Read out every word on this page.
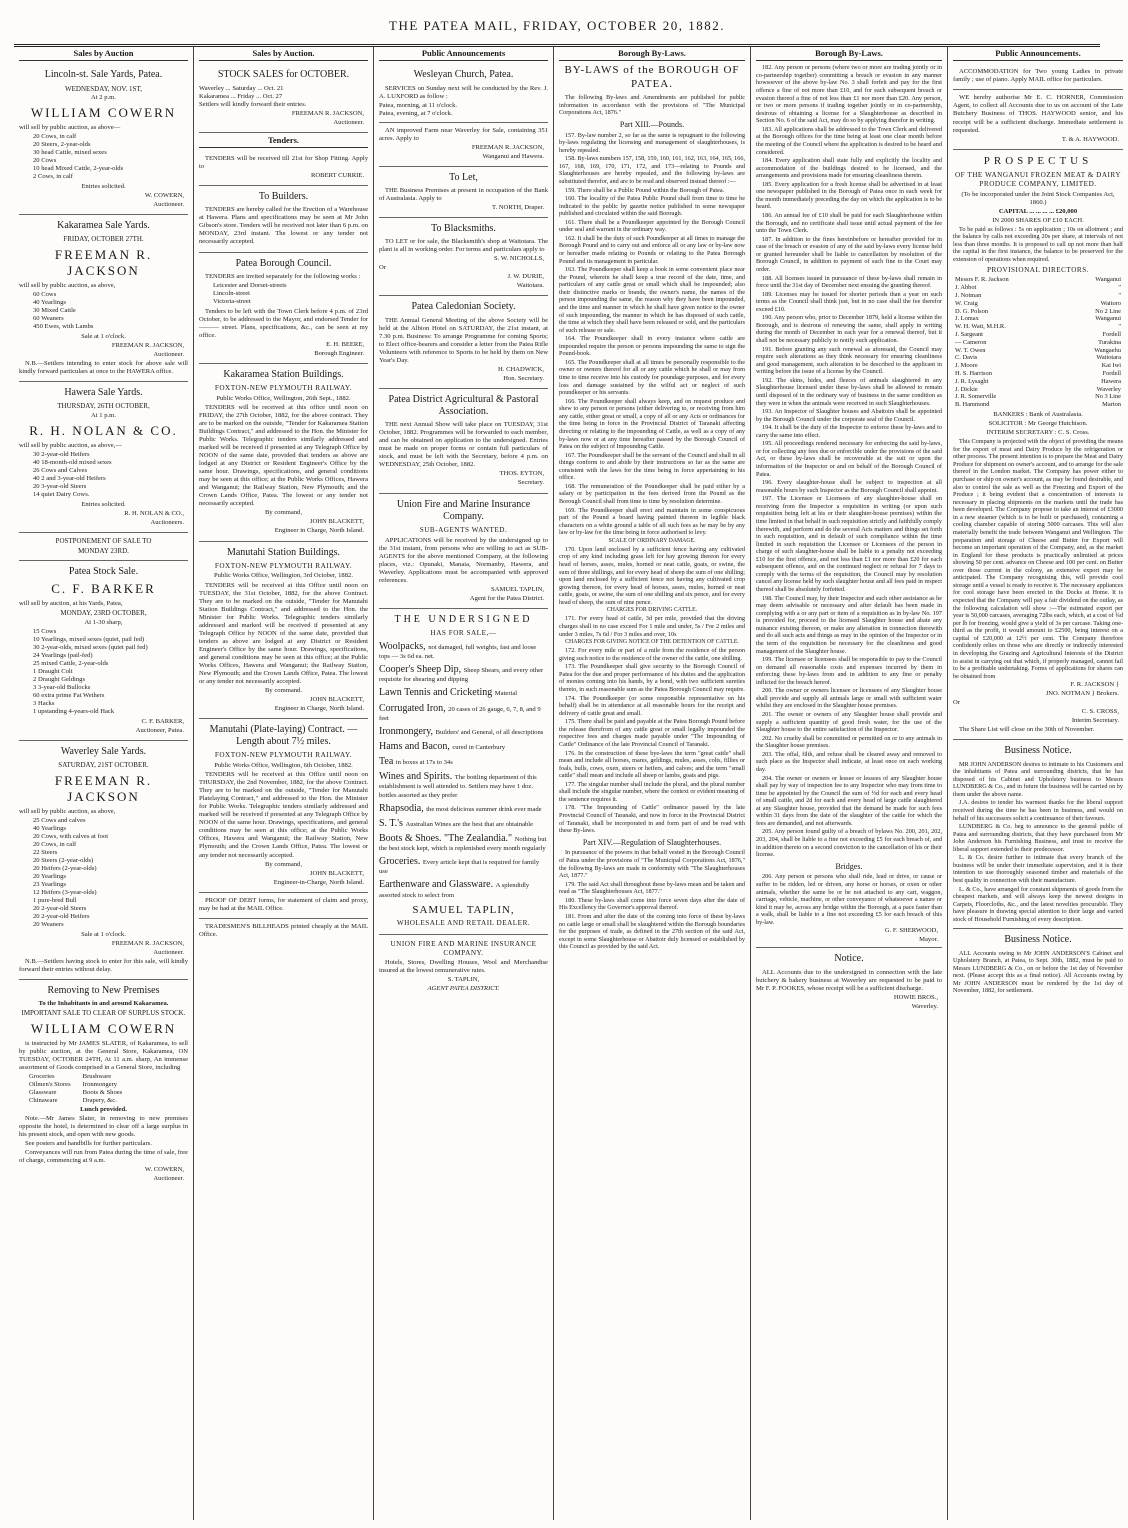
THE PATEA MAIL, FRIDAY, OCTOBER 20, 1882.
Sales by Auction
Lincoln-st. Sale Yards, Patea.
WEDNESDAY, NOV. 1ST,
At 2 p.m.
WILLIAM COWERN
will sell by public auction, as above—
20 Cows, in calf
20 Steers, 2-year-olds
30 head Cattle, mixed sexes
20 Cows
10 head Mixed Cattle, 2-year-olds
2 Cows, in calf
Entries solicited.
W. COWERN,
Auctioneer.
Kakaramea Sale Yards.
FRIDAY, OCTOBER 27TH.
FREEMAN R. JACKSON
will sell by public auction, as above,
60 Cows
40 Yearlings
30 Mixed Cattle
60 Weaners
450 Ewes, with Lambs
Sale at 1 o'clock.
FREEMAN R. JACKSON,
Auctioneer.

N.B.—Settlers intending to enter stock for above sale will kindly forward particulars at once to the HAWERA office.

Hawera Sale Yards.
THURSDAY, 26TH OCTOBER,
At 1 p.m.
R. H. NOLAN & CO.
will sell by public auction, as above,—
30 2-year-old Heifers
40 18-month-old mixed sexes
26 Cows and Calves
40 2 and 3-year-old Heifers
20 3-year-old Steers
14 quiet Dairy Cows.
Entries solicited.
R. H. NOLAN & CO.,
Auctioneers.
POSTPONEMENT OF SALE TO
MONDAY 23RD.
Patea Stock Sale.
C. F. BARKER
will sell by auction, at his Yards, Patea,
MONDAY, 23RD OCTOBER,
At 1-30 sharp,
15 Cows
10 Yearlings, mixed sexes (quiet, pail fed)
30 2-year-olds, mixed sexes (quiet pail fed)
24 Yearlings (pail-fed)
25 mixed Cattle, 2-year-olds
1 Draught Colt
2 Draught Geldings
3 3-year-old Bullocks
60 extra prime Fat Wethers
3 Hacks
1 upstanding 4-years-old Hack
C. F. BARKER,
Auctioneer, Patea.
Waverley Sale Yards.
SATURDAY, 21ST OCTOBER.
FREEMAN R. JACKSON
will sell by public auction, as above,
25 Cows and calves
40 Yearlings
20 Cows, with calves at foot
20 Cows, in calf
22 Steers
20 Steers (2-year-olds)
20 Heifers (2-year-olds)
20 Yearlings
23 Yearlings
12 Heifers (3-year-olds)
1 pure-bred Bull
20 2-year-old Steers
20 2-year-old Heifers
20 Weaners
Sale at 1 o'clock.
FREEMAN R. JACKSON,
Auctioneer.

N.B.—Settlers having stock to enter for this sale, will kindly forward their entries without delay.

Removing to New Premises
To the Inhabitants in and around Kakaramea.
IMPORTANT SALE TO CLEAR OF SURPLUS STOCK.
WILLIAM COWERN

is instructed by Mr JAMES SLATER, of Kakaramea, to sell by public auction, at the General Store, Kakaramea, ON TUESDAY, OCTOBER 24TH, At 11 a.m. sharp, An immense assortment of Goods comprised in a General Store, including

Groceries
Oilmen's Stores
Glassware
Chinaware
Brushware
Ironmongery
Boots & Shoes
Drapery, &c.
Lunch provided.

Note.—Mr James Slater, in removing to new premises opposite the hotel, is determined to clear off a large surplus in his present stock, and open with new goods.

See posters and handbills for further particulars.

Conveyances will run from Patea during the time of sale, free of charge, commencing at 9 a.m.

W. COWERN,
Auctioneer.
Sales by Auction.
STOCK SALES for OCTOBER.
Waverley ... Saturday ... Oct. 21
Kakaramea ... Friday ... Oct. 27
Settlers will kindly forward their entries.
FREEMAN R. JACKSON,
Auctioneer.
Tenders.

TENDERS will be received till 21st for Shop Fitting. Apply to

ROBERT CURRIE.
To Builders.

TENDERS are hereby called for the Erection of a Warehouse at Hawera. Plans and specifications may be seen at Mr John Gibson's store. Tenders will be received not later than 6 p.m. on MONDAY, 23rd instant. The lowest or any tender not necessarily accepted.

Patea Borough Council.

TENDERS are invited separately for the following works :

Leicester and Dorset-streets
Lincoln-street
Victoria-street

Tenders to be left with the Town Clerk before 4 p.m. of 23rd October, to be addressed to the Mayor, and endorsed Tender for ——— street. Plans, specifications, &c., can be seen at my office.

E. H. BEERE,
Borough Engineer.
Kakaramea Station Buildings.
FOXTON-NEW PLYMOUTH RAILWAY.
Public Works Office, Wellington, 26th Sept., 1882.

TENDERS will be received at this office until noon on FRIDAY, the 27th October, 1882, for the above contract. They are to be marked on the outside, "Tender for Kakaramea Station Buildings Contract," and addressed to the Hon. the Minister for Public Works. Telegraphic tenders similarly addressed and marked will be received if presented at any Telegraph Office by NOON of the same date, provided that tenders as above are lodged at any District or Resident Engineer's Office by the same hour. Drawings, specifications, and general conditions may be seen at this office; at the Public Works Offices, Hawera and Wanganui; the Railway Station, New Plymouth; and the Crown Lands Office, Patea. The lowest or any tender not necessarily accepted.

By command,
JOHN BLACKETT,
Engineer in Charge, North Island.
Manutahi Station Buildings.
FOXTON-NEW PLYMOUTH RAILWAY.
Public Works Office, Wellington, 3rd October, 1882.

TENDERS will be received at this Office until noon on TUESDAY, the 31st October, 1882, for the above Contract. They are to be marked on the outside, "Tender for Manutahi Station Buildings Contract," and addressed to the Hon. the Minister for Public Works. Telegraphic tenders similarly addressed and marked will be received if presented at any Telegraph Office by NOON of the same date, provided that tenders as above are lodged at any District or Resident Engineer's Office by the same hour. Drawings, specifications, and general conditions may be seen at this office; at the Public Works Offices, Hawera and Wanganui; the Railway Station, New Plymouth; and the Crown Lands Office, Patea. The lowest or any tender not necessarily accepted.

By command.
JOHN BLACKETT,
Engineer in Charge, North Island.
Manutahi (Plate-laying) Contract. — Length about 7½ miles.
FOXTON-NEW PLYMOUTH RAILWAY.
Public Works Office, Wellington, 6th October, 1882.

TENDERS will be received at this Office until noon on THURSDAY, the 2nd November, 1882, for the above Contract. They are to be marked on the outside, "Tender for Manutahi Platelaying Contract," and addressed to the Hon. the Minister for Public Works. Telegraphic tenders similarly addressed and marked will be received if presented at any Telegraph Office by NOON of the same hour. Drawings, specifications, and general conditions may be seen at this office; at the Public Works Offices, Hawera and Wanganui; the Railway Station, New Plymouth; and the Crown Lands Office, Patea. The lowest or any tender not necessarily accepted.

By command,
JOHN BLACKETT,
Engineer-in-Charge, North Island.

PROOF OF DEBT forms, for statement of claim and proxy, may be had at the MAIL Office.

TRADESMEN'S BILLHEADS printed cheaply at the MAIL Office.

Public Announcements
Wesleyan Church, Patea.

SERVICES on Sunday next will be conducted by the Rev. J. A. LUXFORD as follow :

Patea, morning, at 11 o'clock.
Patea, evening, at 7 o'clock.

AN improved Farm near Waverley for Sale, containing 351 acres. Apply to

FREEMAN R. JACKSON,
Wanganui and Hawera.
To Let,

THE Business Premises at present in occupation of the Bank of Australasia. Apply to

T. NORTH, Draper.
To Blacksmiths.

TO LET or for sale, the Blacksmith's shop at Waitotara. The plant is all in working order. For terms and particulars apply to

S. W. NICHOLLS,
Or
J. W. DURIE,
Waitotara.
Patea Caledonian Society.

THE Annual General Meeting of the above Society will be held at the Albion Hotel on SATURDAY, the 21st instant, at 7.30 p.m. Business: To arrange Programme for coming Sports; to Elect office-bearers and consider a letter from the Patea Rifle Volunteers with reference to Sports to be held by them on New Year's Day.

H. CHADWICK,
Hon. Secretary.
Patea District Agricultural & Pastoral Association.

THE next Annual Show will take place on TUESDAY, 31st October, 1882. Programmes will be forwarded to each member, and can be obtained on application to the undersigned. Entries must be made on proper forms or contain full particulars of stock, and must be left with the Secretary, before 4 p.m. on WEDNESDAY, 25th October, 1882.

THOS. EYTON,
Secretary.
Union Fire and Marine Insurance Company.
SUB-AGENTS WANTED.

APPLICATIONS will be received by the undersigned up to the 31st instant, from persons who are willing to act as SUB-AGENTS for the above mentioned Company, at the following places, viz.: Opunaki, Manaia, Normanby, Hawera, and Waverley. Applications must be accompanied with approved references.

SAMUEL TAPLIN,
Agent for the Patea District.
THE UNDERSIGNED
HAS FOR SALE,—
Woolpacks, not damaged, full weights, fast and loose tops — 3s 6d ea. net.
Cooper's Sheep Dip, Sheep Shears, and every other requisite for shearing and dipping
Lawn Tennis and Cricketing Material
Corrugated Iron, 20 cases of 26 gauge, 6, 7, 8, and 9 feet
Ironmongery, Builders' and General, of all descriptions
Hams and Bacon, cured in Canterbury
Tea in boxes at 17s to 34s
Wines and Spirits. The bottling department of this establishment is well attended to. Settlers may have 1 doz. bottles assorted as they prefer
Rhapsodia, the most delicious summer drink ever made
S. T.'s Australian Wines are the best that are obtainable
Boots & Shoes. "The Zealandia." Nothing but the best stock kept, which is replenished every month regularly
Groceries. Every article kept that is required for family use
Earthenware and Glassware. A splendidly assorted stock to select from
SAMUEL TAPLIN,
WHOLESALE AND RETAIL DEALER.
UNION FIRE AND MARINE INSURANCE COMPANY.

Hotels, Stores, Dwelling Houses, Wool and Merchandise insured at the lowest remunerative rates.

S. TAPLIN,
AGENT PATEA DISTRICT.
Borough By-Laws.
BY-LAWS of the BOROUGH OF PATEA.

The following By-laws and Amendments are published for public information in accordance with the provisions of "The Municipal Corporations Act, 1876."

Part XIII.—Pounds.

157. By-law number 2, so far as the same is repugnant to the following by-laws regulating the licensing and management of slaughterhouses, is hereby repealed.

158. By-laws numbers 157, 158, 159, 160, 161, 162, 163, 164, 165, 166, 167, 168, 169, 170, 171, 172, and 173—relating to Pounds and Slaughterhouses are hereby repealed, and the following by-laws are substituted therefor, and are to be read and observed instead thereof :—

159. There shall be a Public Pound within the Borough of Patea.

160. The locality of the Patea Public Pound shall from time to time be indicated to the public by gazette notice published in some newspaper published and circulated within the said Borough.

161. There shall be a Poundkeeper appointed by the Borough Council under seal and warrant in the ordinary way.

162. It shall be the duty of such Poundkeeper at all times to manage the Borough Pound and to carry out and enforce all or any law or by-law now or hereafter made relating to Pounds or relating to the Patea Borough Pound and its management in particular.

163. The Poundkeeper shall keep a book in some convenient place near the Pound, wherein he shall keep a true record of the date, time, and particulars of any cattle great or small which shall be impounded; also their distinctive marks or brands, the owner's name, the names of the person impounding the same, the reason why they have been impounded, and the time and manner in which he shall have given notice to the owner of such impounding, the manner in which he has disposed of such cattle, the time at which they shall have been released or sold, and the particulars of such release or sale.

164. The Poundkeeper shall in every instance where cattle are impounded require the person or persons impounding the same to sign the Pound-book.

165. The Poundkeeper shall at all times be personally responsible to the owner or owners thereof for all or any cattle which he shall or may from time to time receive into his custody for poundage purposes, and for every loss and damage sustained by the wilful act or neglect of such poundkeeper or his servants.

166. The Poundkeeper shall always keep, and on request produce and shew to any person or persons (either delivering to, or receiving from him any cattle, either great or small, a copy of all or any Acts or ordinances for the time being in force in the Provincial District of Taranaki affecting directing or relating to the impounding of Cattle, as well as a copy of any by-laws now or at any time hereafter passed by the Borough Council of Patea on the subject of Impounding Cattle.

167. The Poundkeeper shall be the servant of the Council and shall in all things conform to and abide by their instructions so far as the same are consistent with the laws for the time being in force appertaining to his office.

168. The remuneration of the Poundkeeper shall be paid either by a salary or by participation in the fees derived from the Pound as the Borough Council shall from time to time by resolution determine.

169. The Poundkeeper shall erect and maintain in some conspicuous part of the Pound a board having painted thereon in legible black characters on a white ground a table of all such fees as he may be by any law or by-law for the time being in force authorised to levy.

SCALE OF ORDINARY DAMAGE.

170. Upon land enclosed by a sufficient fence having any cultivated crop of any kind including grass left for hay growing thereon for every head of horses, asses, mules, horned or neat cattle, goats, or swine, the sum of three shillings, and for every head of sheep the sum of one shilling; upon land enclosed by a sufficient fence not having any cultivated crop growing thereon, for every head of horses, asses, mules, horned or neat cattle, goats, or swine, the sum of one shilling and six pence, and for every head of sheep, the sum of nine pence.

CHARGES FOR DRIVING CATTLE.

171. For every head of cattle, 3d per mile, provided that the driving charges shall in no case exceed For 1 mile and under, 5s / For 2 miles and under 3 miles, 7s 6d / For 3 miles and over, 10s

CHARGES FOR GIVING NOTICE OF THE DETENTION OF CATTLE.

172. For every mile or part of a mile from the residence of the person giving such notice to the residence of the owner of the cattle, one shilling.

173. The Poundkeeper shall give security to the Borough Council of Patea for the due and proper performance of his duties and the application of monies coming into his hands, by a bond, with two sufficient sureties thereto, in such reasonable sum as the Patea Borough Council may require.

174. The Poundkeeper (or some responsible representative on his behalf) shall be in attendance at all reasonable hours for the receipt and delivery of cattle great and small.

175. There shall be paid and payable at the Patea Borough Pound before the release therefrom of any cattle great or small legally impounded the respective fees and charges made payable under "The Impounding of Cattle" Ordinance of the late Provincial Council of Taranaki.

176. In the construction of these bye-laws the term "great cattle" shall mean and include all horses, mares, geldings, mules, asses, colts, fillies or foals, bulls, cows, oxen, steers or heifers, and calves; and the term "small cattle" shall mean and include all sheep or lambs, goats and pigs.

177. The singular number shall include the plural, and the plural number shall include the singular number, where the context or evident meaning of the sentence requires it.

178. "The Impounding of Cattle" ordinance passed by the late Provincial Council of Taranaki, and now in force in the Provincial District of Taranaki, shall be incorporated in and form part of and be read with these By-laws.

Part XIV.—Regulation of Slaughterhouses.

In pursuance of the powers in that behalf vested in the Borough Council of Patea under the provisions of "The Municipal Corporations Act, 1876," the following By-laws are made in conformity with "The Slaughterhouses Act, 1877."

179. The said Act shall throughout these by-laws mean and be taken and read as "The Slaughterhouses Act, 1877."

180. These by-laws shall come into force seven days after the date of His Excellency the Governor's approval thereof.

181. From and after the date of the coming into force of these by-laws no cattle large or small shall be slaughtered within the Borough boundaries for the purposes of trade, as defined in the 27th section of the said Act, except in some Slaughterhouse or Abattoir duly licensed or established by this Council as provided by the said Act.

Borough By-Laws.

182. Any person or persons (where two or more are trading jointly or in co-partnership together) committing a breach or evasion in any manner howsoever of the above by-law No. 3 shall forfeit and pay for the first offence a fine of not more than £10, and for each subsequent breach or evasion thereof a fine of not less than £1 nor more than £20. Any person, or two or more persons if trading together jointly or in co-partnership, desirous of obtaining a license for a Slaughterhouse as described in Section No. 6 of the said Act, may do so by applying therefor in writing.

183. All applications shall be addressed to the Town Clerk and delivered at the Borough offices for the time being at least one clear month before the meeting of the Council where the application is desired to be heard and considered.

184. Every application shall state fully and explicitly the locality and accommodation of the buildings desired to be licensed, and the arrangements and provisions made for ensuring cleanliness therein.

185. Every application for a fresh license shall be advertised in at least one newspaper published in the Borough of Patea once in each week for the month immediately preceding the day on which the application is to be heard.

186. An annual fee of £10 shall be paid for each Slaughterhouse within the Borough, and no certificate shall issue until actual payment of the fee unto the Town Clerk.

187. In addition to the fines hereinbefore or hereafter provided for in case of the breach or evasion of any of the said by-laws every license held or granted hereunder shall be liable to cancellation by resolution of the Borough Council, in addition to payment of such fine to the Court may order.

188. All licenses issued in pursuance of these by-laws shall remain in force until the 31st day of December next ensuing the granting thereof.

189. Licenses may be issued for shorter periods than a year on such terms as the Council shall think just, but in no case shall the fee therefor exceed £10.

190. Any person who, prior to December 1879, held a license within the Borough, and is desirous of renewing the same, shall apply in writing during the month of December in each year for a renewal thereof, but it shall not be necessary publicly to notify such application.

191. Before granting any such renewal as aforesaid, the Council may require such alterations as they think necessary for ensuring cleanliness and good management, such alteration to be described to the applicant in writing before the issue of a license by the Council.

192. The skins, hides, and fleeces of animals slaughtered in any Slaughterhouse licensed under these by-laws shall be allowed to remain until disposed of in the ordinary way of business in the same condition as they were in when the animals were received in such Slaughterhouses.

193. An Inspector of Slaughter houses and Abattoirs shall be appointed by the Borough Council under the corporate seal of the Council.

194. It shall be the duty of the Inspector to enforce these by-laws and to carry the same into effect.

195. All proceedings rendered necessary for enforcing the said by-laws, or for collecting any fees due or enforcible under the provisions of the said Act, or these by-laws shall be recoverable at the suit or upon the information of the Inspector or and on behalf of the Borough Council of Patea.

196. Every slaughter-house shall be subject to inspection at all reasonable hours by such Inspector as the Borough Council shall appoint.

197. The Licensee or Licensees of any slaughter-house shall on receiving from the Inspector a requisition in writing (or upon such requisition being left at his or their slaughter-house premises) within the time limited in that behalf in such requisition strictly and faithfully comply therewith, and perform and do the several Acts matters and things set forth in such requisition, and in default of such compliance within the time limited in such requisition the Licensee or Licensees of the person in charge of such slaughter-house shall be liable to a penalty not exceeding £10 for the first offence, and not less than £1 nor more than £20 for each subsequent offence, and on the continued neglect or refusal for 7 days to comply with the terms of the requisition, the Council may by resolution cancel any license held by such slaughter house and all fees paid in respect thereof shall be absolutely forfeited.

198. The Council may, by their Inspector and such other assistance as he may deem advisable or necessary and after default has been made in complying with a or any part or item of a requisition as in by-law No. 197 is provided for, proceed to the licensed Slaughter house and abate any nuisance existing thereon, or make any alteration in connection therewith and do all such acts and things as may in the opinion of the Inspector or in the term of the requisition be necessary for the cleanliness and good management of the Slaughter house.

199. The licensee or licensees shall be responsible to pay to the Council on demand all reasonable costs and expenses incurred by them in enforcing these by-laws from and in addition to any fine or penalty inflicted for the breach hereof.

200. The owner or owners licensee or licensees of any Slaughter house shall provide and supply all animals large or small with sufficient water whilst they are enclosed in the Slaughter house premises.

201. The owner or owners of any Slaughter house shall provide and supply a sufficient quantity of good fresh water, for the use of the Slaughter house to the entire satisfaction of the Inspector.

202. No cruelty shall be committed or permitted on or to any animals in the Slaughter house premises.

203. The offal, filth, and refuse shall be cleared away and removed to such place as the Inspector shall indicate, at least once on each working day.

204. The owner or owners or lessee or lessees of any Slaughter house shall pay by way of inspection fee to any Inspector who may from time to time be appointed by the Council the sum of ½d for each and every head of small cattle, and 2d for each and every head of large cattle slaughtered at any Slaughter house, provided that the demand be made for such fees within 31 days from the date of the slaughter of the cattle for which the fees are demanded, and not afterwards.

205. Any person found guilty of a breach of bylaws No. 200, 201, 202, 203, 204, shall be liable to a fine not exceeding £5 for each breach of, and in addition thereto on a second conviction to the cancellation of his or their license.

Bridges.

206. Any person or persons who shall ride, lead or drive, or cause or suffer to be ridden, led or driven, any horse or horses, or oxen or other animals, whether the same be or be not attached to any cart, waggon, carriage, vehicle, machine, or other conveyance of whatsoever a nature or kind it may be, across any bridge within the Borough, at a pace faster than a walk, shall be liable to a fine not exceeding £5 for each breach of this by-law.

G. F. SHERWOOD,
Mayor.
Notice.

ALL Accounts due to the undersigned in connection with the late butchery & bakery business at Waverley are requested to be paid to Mr F. P. FOOKES, whose receipt will be a sufficient discharge.

HOWIE BROS.,
Waverley.
Public Announcements.

ACCOMMODATION for Two young Ladies in private family ; use of piano. Apply MAIL office for particulars.

WE hereby authorise Mr E. C. HORNER, Commission Agent, to collect all Accounts due to us on account of the Late Butchery Business of THOS. HAYWOOD senior, and his receipt will be a sufficient discharge. Immediate settlement is requested.

T. & A. HAYWOOD.
PROSPECTUS
OF THE WANGANUI FROZEN MEAT & DAIRY PRODUCE COMPANY, LIMITED.
(To be incorporated under the Joint Stock Companies Act, 1860.)
CAPITAL ... ... ... ... £20,000
IN 2000 SHARES OF £10 EACH.

To be paid as follows : 5s on application ; 10s on allotment ; and the balance by calls not exceeding 20s per share, at intervals of not less than three months. It is proposed to call up not more than half the capital in the first instance, the balance to be preserved for the extension of operations when required.

PROVISIONAL DIRECTORS.
Messrs F. R. Jackson	Wanganui
J. Abbot	"
J. Notman	"
W. Craig	Waitoro
D. G. Polson	No 2 Line
J. Lomax	Wanganui
W. H. Watt, M.H.R.	"
J. Sargeant	Fordell
— Cameron	Turakina
W. T. Owen	Wangaehu
C. Davis	Waitotara
J. Moore	Kai Iwi
H. S. Harrison	Fordell
J. R. Lysaght	Hawera
J. Dickie	Waverley
J. R. Somerville	No 3 Line
B. Hammond	Marton
BANKERS : Bank of Australasia.
SOLICITOR : Mr George Hutchison.
INTERIM SECRETARY : C. S. Cross.

This Company is projected with the object of providing the means for the export of meat and Dairy Produce by the refrigeration or other process. The present intention is to prepare the Meat and Dairy Produce for shipment on owner's account, and to arrange for the sale thereof in the London market. The Company has power either to purchase or ship on owner's account, as may be found desirable, and also to control the sale as well as the Freezing and Export of the Produce ; it being evident that a concentration of interests is necessary in placing shipments on the markets until the trade has been developed. The Company propose to take an interest of £3000 in a new steamer (which is to be built or purchased), containing a cooling chamber capable of storing 5000 carcases. This will also materially benefit the trade between Wanganui and Wellington. The preparation and storage of Cheese and Butter for Export will become an important operation of the Company, and, as the market in England for these products is practically unlimited at prices showing 50 per cent. advance on Cheese and 100 per cent. on Butter over those current in the colony, an extensive export may be anticipated. The Company recognising this, will provide cool storage until a vessel is ready to receive it. The necessary appliances for cool storage have been erected in the Docks at Home. It is expected that the Company will pay a fair dividend on the outlay, as the following calculation will show :—The estimated export per year is 50,000 carcases, averaging 72lbs each, which, at a cost of ¾d per lb for freezing, would give a yield of 3s per carcase. Taking one-third as the profit, it would amount to £2500, being interest on a capital of £20,000 at 12½ per cent. The Company therefore confidently relies on those who are directly or indirectly interested in developing the Grazing and Agricultural Interests of the District to assist in carrying out that which, if properly managed, cannot fail to be a profitable undertaking. Forms of applications for shares can be obtained from

F. R. JACKSON }
JNO. NOTMAN } Brokers.
Or
C. S. CROSS,
Interim Secretary.

The Share List will close on the 30th of November.

Business Notice.

MR JOHN ANDERSON desires to intimate to his Customers and the inhabitants of Patea and surrounding districts, that he has disposed of his Cabinet and Upholstery business to Messrs LUNDBERG & Co., and in future the business will be carried on by them under the above name.

J.A. desires to tender his warmest thanks for the liberal support received during the time he has been in business, and would on behalf of his successors solicit a continuance of their favours.

LUNDBERG & Co. beg to announce to the general public of Patea and surrounding districts, that they have purchased from Mr John Anderson his Furnishing Business, and trust to receive the liberal support extended to their predecessor.

L. & Co. desire further to intimate that every branch of the business will be under their immediate supervision, and it is their intention to use thoroughly seasoned timber and materials of the best quality in connection with their manufacture.

L. & Co., have arranged for constant shipments of goods from the cheapest markets, and will always keep the newest designs in Carpets, Floorcloths, &c., and the latest novelties procurable. They have pleasure in drawing special attention to their large and varied stock of Household Furnishing of every description.

Business Notice.

ALL Accounts owing to Mr JOHN ANDERSON'S Cabinet and Upholstery Branch, at Patea, to Sept. 30th, 1882, must be paid to Messrs LUNDBERG & Co., on or before the 1st day of November next. (Please accept this as a final notice). All Accounts owing by Mr JOHN ANDERSON must be rendered by the 1st day of November, 1882, for settlement.
